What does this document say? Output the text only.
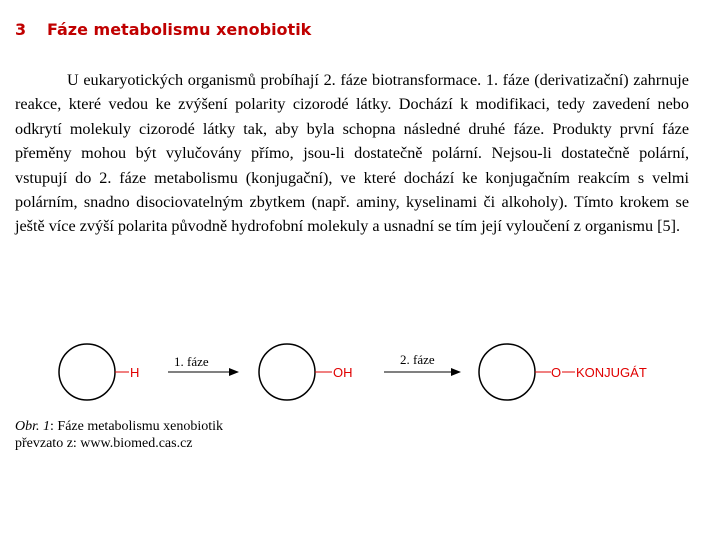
3 Fáze metabolismu xenobiotik
U eukaryotických organismů probíhají 2. fáze biotransformace. 1. fáze (derivatizační) zahrnuje reakce, které vedou ke zvýšení polarity cizorodé látky. Dochází k modifikaci, tedy zavedení nebo odkrytí molekuly cizorodé látky tak, aby byla schopna následné druhé fáze. Produkty první fáze přeměny mohou být vylučovány přímo, jsou-li dostatečně polární. Nejsou-li dostatečně polární, vstupují do 2. fáze metabolismu (konjugační), ve které dochází ke konjugačním reakcím s velmi polárním, snadno disociovatelným zbytkem (např. aminy, kyselinami či alkoholy). Tímto krokem se ještě více zvýší polarita původně hydrofobní molekuly a usnadní se tím její vyloučení z organismu [5].
H
1. fáze
OH
2. fáze
O KONJUGÁT
Obr. 1: Fáze metabolismu xenobiotik
převzato z: www.biomed.cas.cz
